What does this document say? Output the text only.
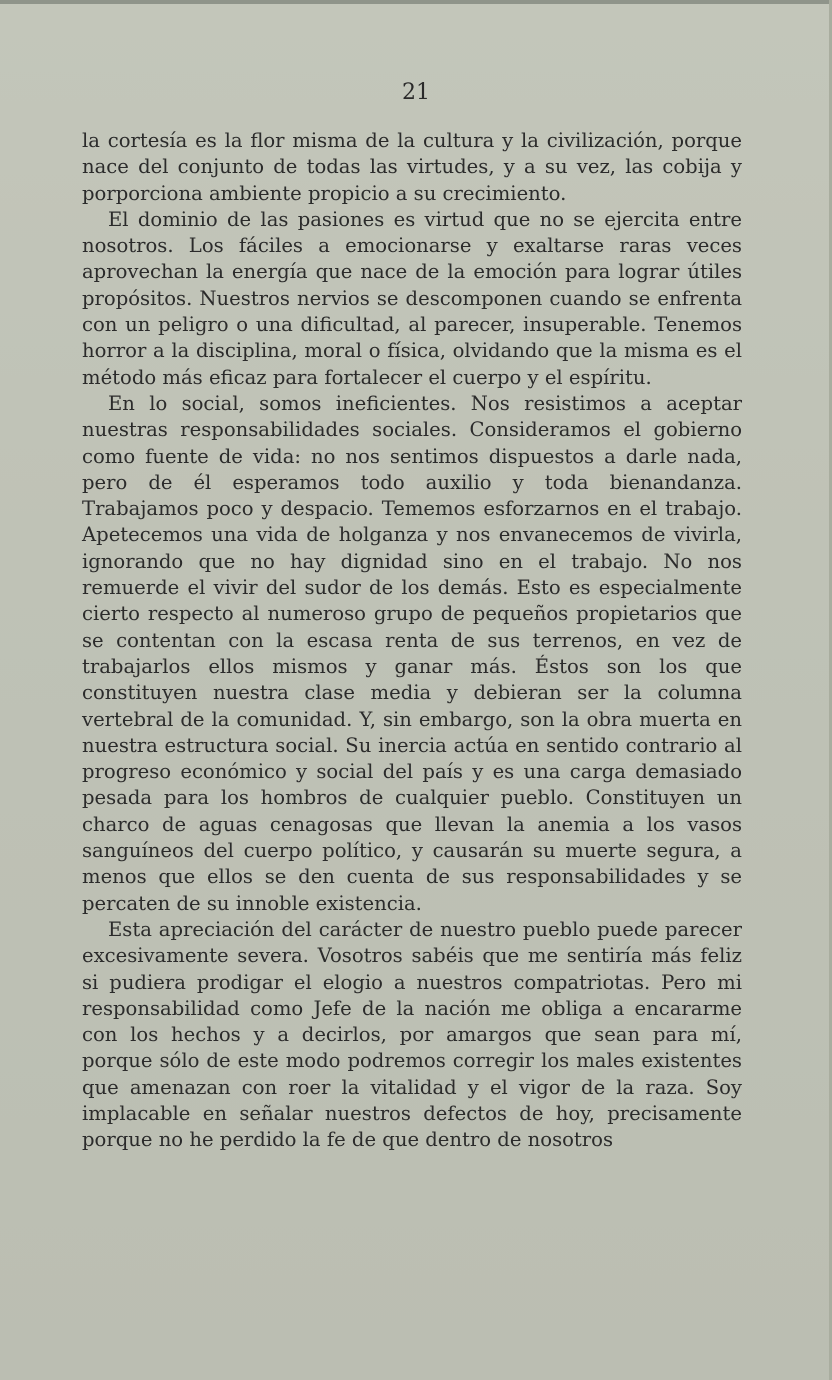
21

la cortesía es la flor misma de la cultura y la civilización, porque nace del conjunto de todas las virtudes, y a su vez, las cobija y porporciona ambiente propicio a su crecimiento.

El dominio de las pasiones es virtud que no se ejercita entre nosotros. Los fáciles a emocionarse y exaltarse raras veces aprovechan la energía que nace de la emoción para lograr útiles propósitos. Nuestros nervios se descomponen cuando se enfrenta con un peligro o una dificultad, al parecer, insuperable. Tenemos horror a la disciplina, moral o física, olvidando que la misma es el método más eficaz para fortalecer el cuerpo y el espíritu.

En lo social, somos ineficientes. Nos resistimos a aceptar nuestras responsabilidades sociales. Consideramos el gobierno como fuente de vida: no nos sentimos dispuestos a darle nada, pero de él esperamos todo auxilio y toda bienandanza. Trabajamos poco y despacio. Tememos esforzarnos en el trabajo. Apetecemos una vida de holganza y nos envanecemos de vivirla, ignorando que no hay dignidad sino en el trabajo. No nos remuerde el vivir del sudor de los demás. Esto es especialmente cierto respecto al numeroso grupo de pequeños propietarios que se contentan con la escasa renta de sus terrenos, en vez de trabajarlos ellos mismos y ganar más. Éstos son los que constituyen nuestra clase media y debieran ser la columna vertebral de la comunidad. Y, sin embargo, son la obra muerta en nuestra estructura social. Su inercia actúa en sentido contrario al progreso económico y social del país y es una carga demasiado pesada para los hombros de cualquier pueblo. Constituyen un charco de aguas cenagosas que llevan la anemia a los vasos sanguíneos del cuerpo político, y causarán su muerte segura, a menos que ellos se den cuenta de sus responsabilidades y se percaten de su innoble existencia.

Esta apreciación del carácter de nuestro pueblo puede parecer excesivamente severa. Vosotros sabéis que me sentiría más feliz si pudiera prodigar el elogio a nuestros compatriotas. Pero mi responsabilidad como Jefe de la nación me obliga a encararme con los hechos y a decirlos, por amargos que sean para mí, porque sólo de este modo podremos corregir los males existentes que amenazan con roer la vitalidad y el vigor de la raza. Soy implacable en señalar nuestros defectos de hoy, precisamente porque no he perdido la fe de que dentro de nosotros
